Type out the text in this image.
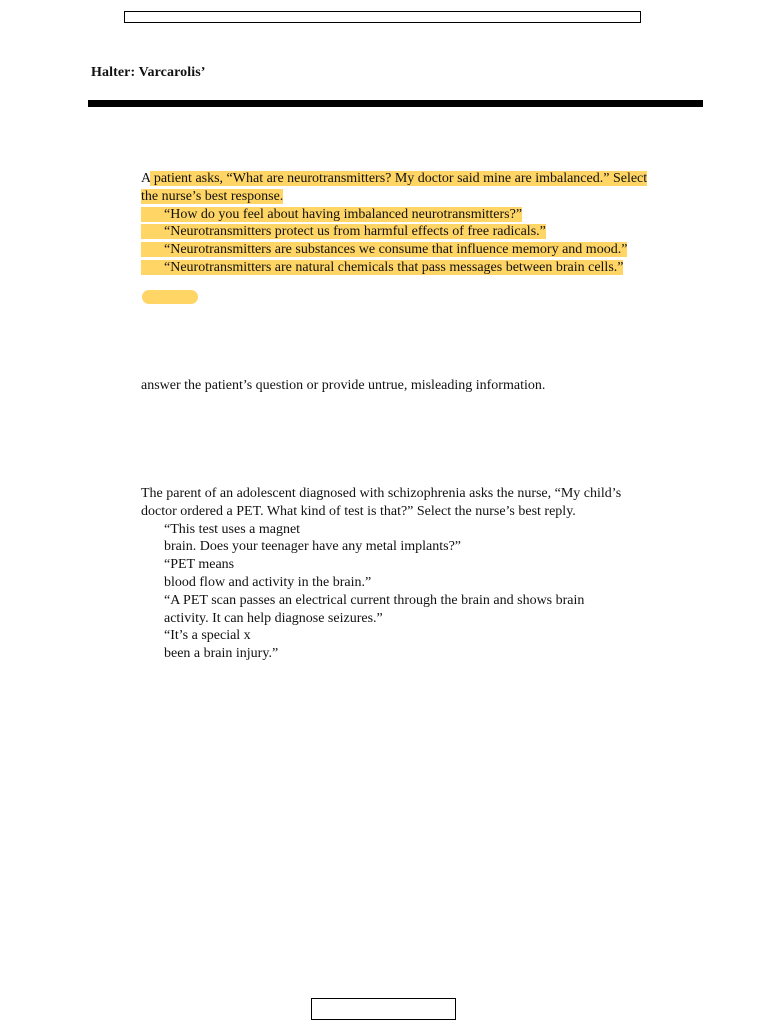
Halter: Varcarolis’
A patient asks, “What are neurotransmitters? My doctor said mine are imbalanced.” Select
the nurse’s best response.
“How do you feel about having imbalanced neurotransmitters?”
“Neurotransmitters protect us from harmful effects of free radicals.”
“Neurotransmitters are substances we consume that influence memory and mood.”
“Neurotransmitters are natural chemicals that pass messages between brain cells.”
answer the patient’s question or provide untrue, misleading information.
The parent of an adolescent diagnosed with schizophrenia asks the nurse, “My child’s
doctor ordered a PET. What kind of test is that?” Select the nurse’s best reply.
“This test uses a magnet
brain. Does your teenager have any metal implants?”
“PET means
blood flow and activity in the brain.”
“A PET scan passes an electrical current through the brain and shows brain
activity. It can help diagnose seizures.”
“It’s a special x
been a brain injury.”
